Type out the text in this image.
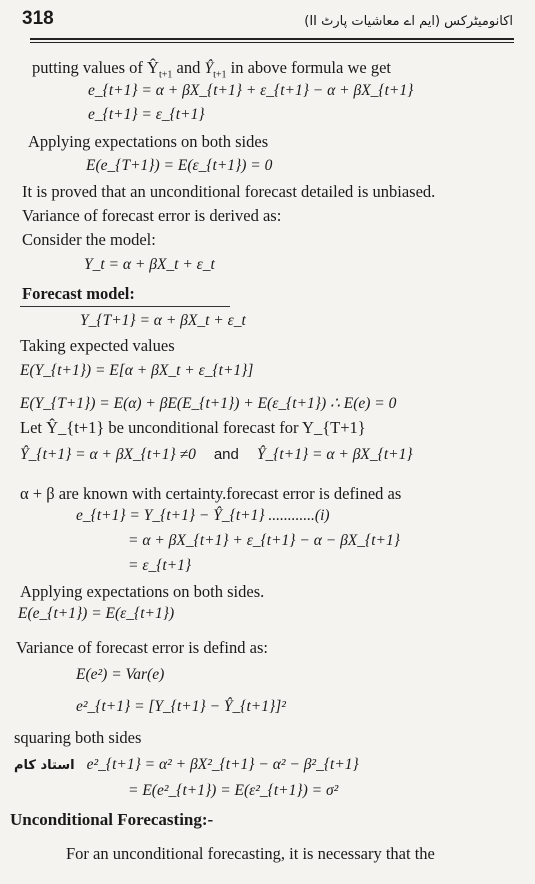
318	اکانومیٹرکس (ایم اے معاشیات پارٹ II)
putting values of $Ŷ_{t+1}$ and $Ŷ_{t+1}$ in above formula we get
e_{t+1} = α + βX_{t+1} + ε_{t+1} − α + βX_{t+1}
e_{t+1} = ε_{t+1}
Applying expectations on both sides
E(e_{T+1}) = E(ε_{t+1}) = 0
It is proved that an unconditional forecast detailed is unbiased.
Variance of forecast error is derived as:
Consider the model:
Y_t = α + βX_t + ε_t
Forecast model:
Y_{T+1} = α + βX_t + ε_t
Taking expected values
E(Y_{t+1}) = E[α + βX_t + ε_{t+1}]
E(Y_{T+1}) = E(α) + βE(E_{t+1}) + E(ε_{t+1}) ∴ E(e) = 0
Let Ŷ_{t+1} be unconditional forecast for Y_{T+1}
Ŷ_{t+1} = α + βX_{t+1} ≠0 and Ŷ_{t+1} = α + βX_{t+1}
α + β are known with certainty.forecast error is defined as
e_{t+1} = Y_{t+1} − Ŷ_{t+1} ............(i)
= α + βX_{t+1} + ε_{t+1} − α − βX_{t+1}
= ε_{t+1}
Applying expectations on both sides.
E(e_{t+1}) = E(ε_{t+1})
Variance of forecast error is defind as:
E(e²) = Var(e)
e²_{t+1} = [Y_{t+1} − Ŷ_{t+1}]²
squaring both sides
استاد کام e²_{t+1} = α² + βX²_{t+1} − α² − β²_{t+1}
= E(e²_{t+1}) = E(ε²_{t+1}) = σ²
Unconditional Forecasting:-
For an unconditional forecasting, it is necessary that the
